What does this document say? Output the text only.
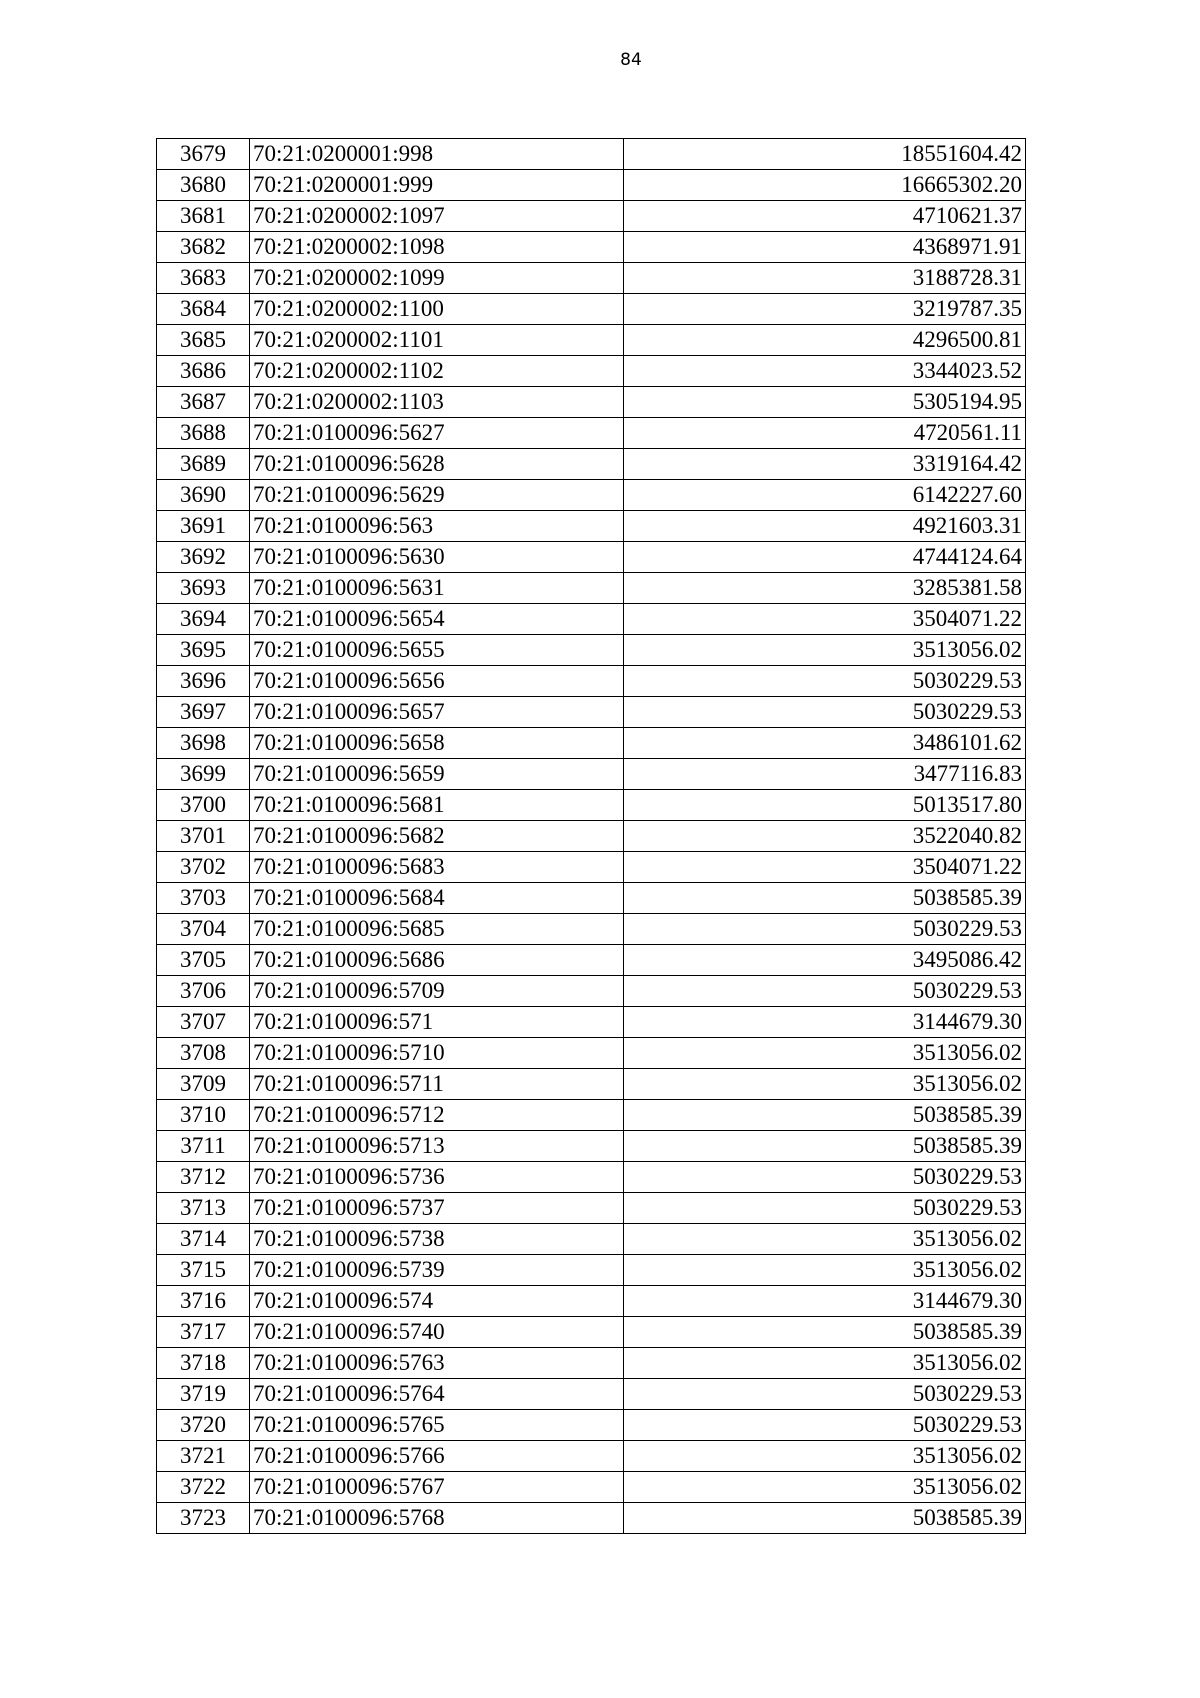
84
3679	70:21:0200001:998	18551604.42
3680	70:21:0200001:999	16665302.20
3681	70:21:0200002:1097	4710621.37
3682	70:21:0200002:1098	4368971.91
3683	70:21:0200002:1099	3188728.31
3684	70:21:0200002:1100	3219787.35
3685	70:21:0200002:1101	4296500.81
3686	70:21:0200002:1102	3344023.52
3687	70:21:0200002:1103	5305194.95
3688	70:21:0100096:5627	4720561.11
3689	70:21:0100096:5628	3319164.42
3690	70:21:0100096:5629	6142227.60
3691	70:21:0100096:563	4921603.31
3692	70:21:0100096:5630	4744124.64
3693	70:21:0100096:5631	3285381.58
3694	70:21:0100096:5654	3504071.22
3695	70:21:0100096:5655	3513056.02
3696	70:21:0100096:5656	5030229.53
3697	70:21:0100096:5657	5030229.53
3698	70:21:0100096:5658	3486101.62
3699	70:21:0100096:5659	3477116.83
3700	70:21:0100096:5681	5013517.80
3701	70:21:0100096:5682	3522040.82
3702	70:21:0100096:5683	3504071.22
3703	70:21:0100096:5684	5038585.39
3704	70:21:0100096:5685	5030229.53
3705	70:21:0100096:5686	3495086.42
3706	70:21:0100096:5709	5030229.53
3707	70:21:0100096:571	3144679.30
3708	70:21:0100096:5710	3513056.02
3709	70:21:0100096:5711	3513056.02
3710	70:21:0100096:5712	5038585.39
3711	70:21:0100096:5713	5038585.39
3712	70:21:0100096:5736	5030229.53
3713	70:21:0100096:5737	5030229.53
3714	70:21:0100096:5738	3513056.02
3715	70:21:0100096:5739	3513056.02
3716	70:21:0100096:574	3144679.30
3717	70:21:0100096:5740	5038585.39
3718	70:21:0100096:5763	3513056.02
3719	70:21:0100096:5764	5030229.53
3720	70:21:0100096:5765	5030229.53
3721	70:21:0100096:5766	3513056.02
3722	70:21:0100096:5767	3513056.02
3723	70:21:0100096:5768	5038585.39
